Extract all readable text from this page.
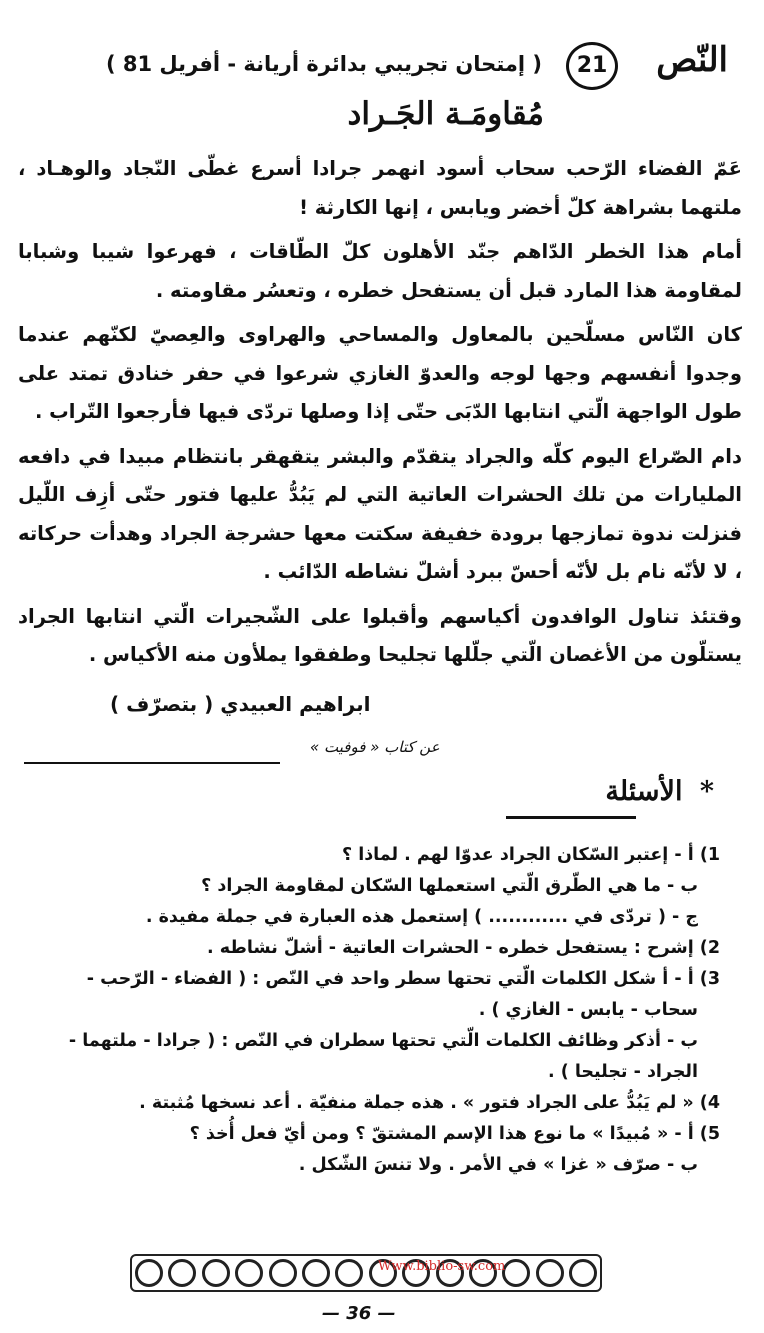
النّص
21
( إمتحان تجريبي بدائرة أريانة - أفريل 81 )
مُقاومَـة الجَـراد

عَمّ الفضاء الرّحب سحاب أسود انهمر جرادا أسرع غطّى النّجاد والوهـاد ، ملتهما بشراهة كلّ أخضر ويابس ، إنها الكارثة !

أمام هذا الخطر الدّاهم جنّد الأهلون كلّ الطّاقات ، فهرعوا شيبا وشبابا لمقاومة هذا المارد قبل أن يستفحل خطره ، وتعسُر مقاومته .

كان النّاس مسلّحين بالمعاول والمساحي والهراوى والعِصيّ لكنّهم عندما وجدوا أنفسهم وجها لوجه والعدوّ الغازي شرعوا في حفر خنادق تمتد على طول الواجهة الّتي انتابها الدّبَى حتّى إذا وصلها تردّى فيها فأرجعوا التّراب .

دام الصّراع اليوم كلّه والجراد يتقدّم والبشر يتقهقر بانتظام مبيدا في دافعه المليارات من تلك الحشرات العاتية التي لم يَبُدُّ عليها فتور حتّى أزِف اللّيل فنزلت ندوة تمازجها برودة خفيفة سكتت معها حشرجة الجراد وهدأت حركاته ، لا لأنّه نام بل لأنّه أحسّ ببرد أشلّ نشاطه الدّائب .

وقتئذ تناول الوافدون أكياسهم وأقبلوا على الشّجيرات الّتي انتابها الجراد يستلّون من الأغصان الّتي جلّلها تجليحا وطفقوا يملأون منه الأكياس .

ابراهيم العبيدي ( بتصرّف )
عن كتاب « فوفيت »
* الأسئلة

1) أ - إعتبر السّكان الجراد عدوّا لهم . لماذا ؟

ب - ما هي الطّرق الّتي استعملها السّكان لمقاومة الجراد ؟

ج - ( تردّى في ............ ) إستعمل هذه العبارة في جملة مفيدة .

2) إشرح : يستفحل خطره - الحشرات العاتية - أشلّ نشاطه .

3) أ - أ شكل الكلمات الّتي تحتها سطر واحد في النّص : ( الفضاء - الرّحب -

سحاب - يابس - الغازي ) .

ب - أذكر وظائف الكلمات الّتي تحتها سطران في النّص : ( جرادا - ملتهما -

الجراد - تجليحا ) .

4) « لم يَبُدُّ على الجراد فتور » . هذه جملة منفيّة . أعد نسخها مُثبتة .

5) أ - « مُبيدًا » ما نوع هذا الإسم المشتقّ ؟ ومن أيّ فعل أُخذ ؟

ب - صرّف « غزا » في الأمر . ولا تنسَ الشّكل .

Www.biblio-sw.com
— 36 —
